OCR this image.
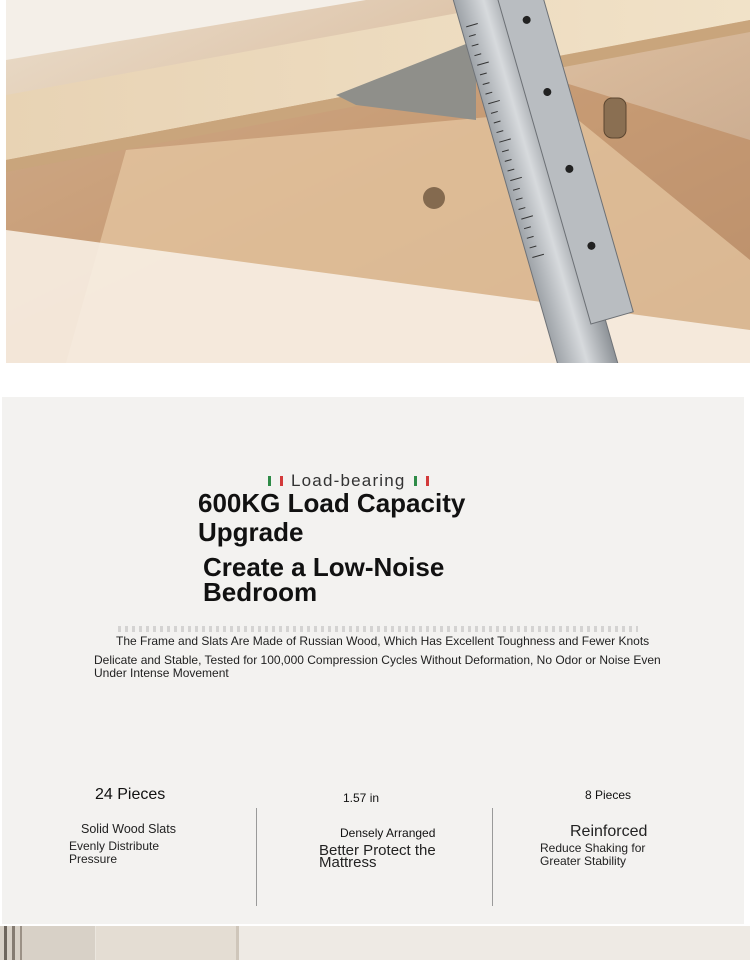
Load-bearing
600KG Load Capacity Upgrade
Create a Low-Noise Bedroom
The Frame and Slats Are Made of Russian Wood, Which Has Excellent Toughness and Fewer Knots
Delicate and Stable, Tested for 100,000 Compression Cycles Without Deformation, No Odor or Noise Even Under Intense Movement
24 Pieces
Solid Wood Slats
Evenly Distribute Pressure
1.57 in
Densely Arranged
Better Protect the Mattress
8 Pieces
Reinforced
Reduce Shaking for Greater Stability
